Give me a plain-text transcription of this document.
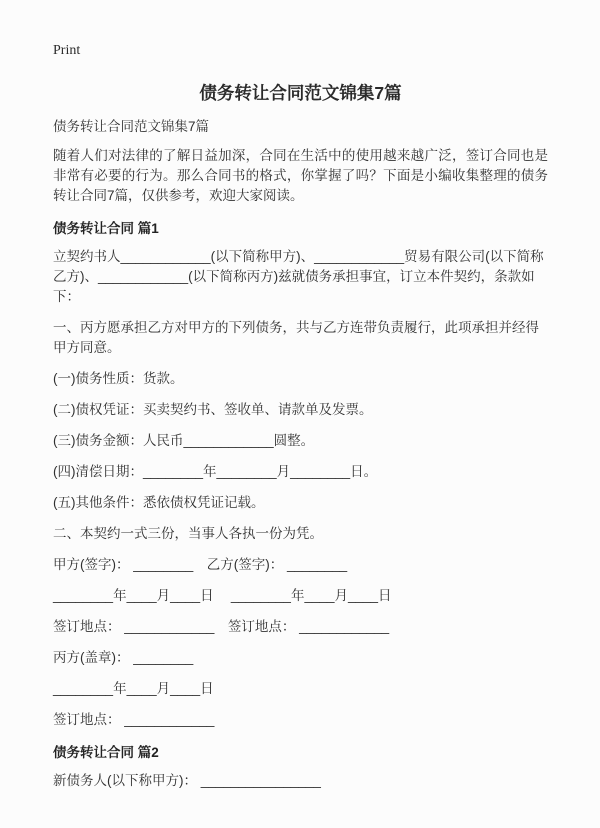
Print
债务转让合同范文锦集7篇

债务转让合同范文锦集7篇

随着人们对法律的了解日益加深，合同在生活中的使用越来越广泛，签订合同也是非常有必要的行为。那么合同书的格式，你掌握了吗？下面是小编收集整理的债务转让合同7篇，仅供参考，欢迎大家阅读。

债务转让合同 篇1

立契约书人____________(以下简称甲方)、____________贸易有限公司(以下简称乙方)、____________(以下简称丙方)兹就债务承担事宜，订立本件契约，条款如下：

一、丙方愿承担乙方对甲方的下列债务，共与乙方连带负责履行，此项承担并经得甲方同意。

(一)债务性质：货款。

(二)债权凭证：买卖契约书、签收单、请款单及发票。

(三)债务金额：人民币____________圆整。

(四)清偿日期：________年________月________日。

(五)其他条件：悉依债权凭证记载。

二、本契约一式三份，当事人各执一份为凭。

甲方(签字)： ________　乙方(签字)： ________

________年____月____日　 ________年____月____日

签订地点： ____________　签订地点： ____________

丙方(盖章)： ________

________年____月____日

签订地点： ____________

债务转让合同 篇2

新债务人(以下称甲方)： ________________
